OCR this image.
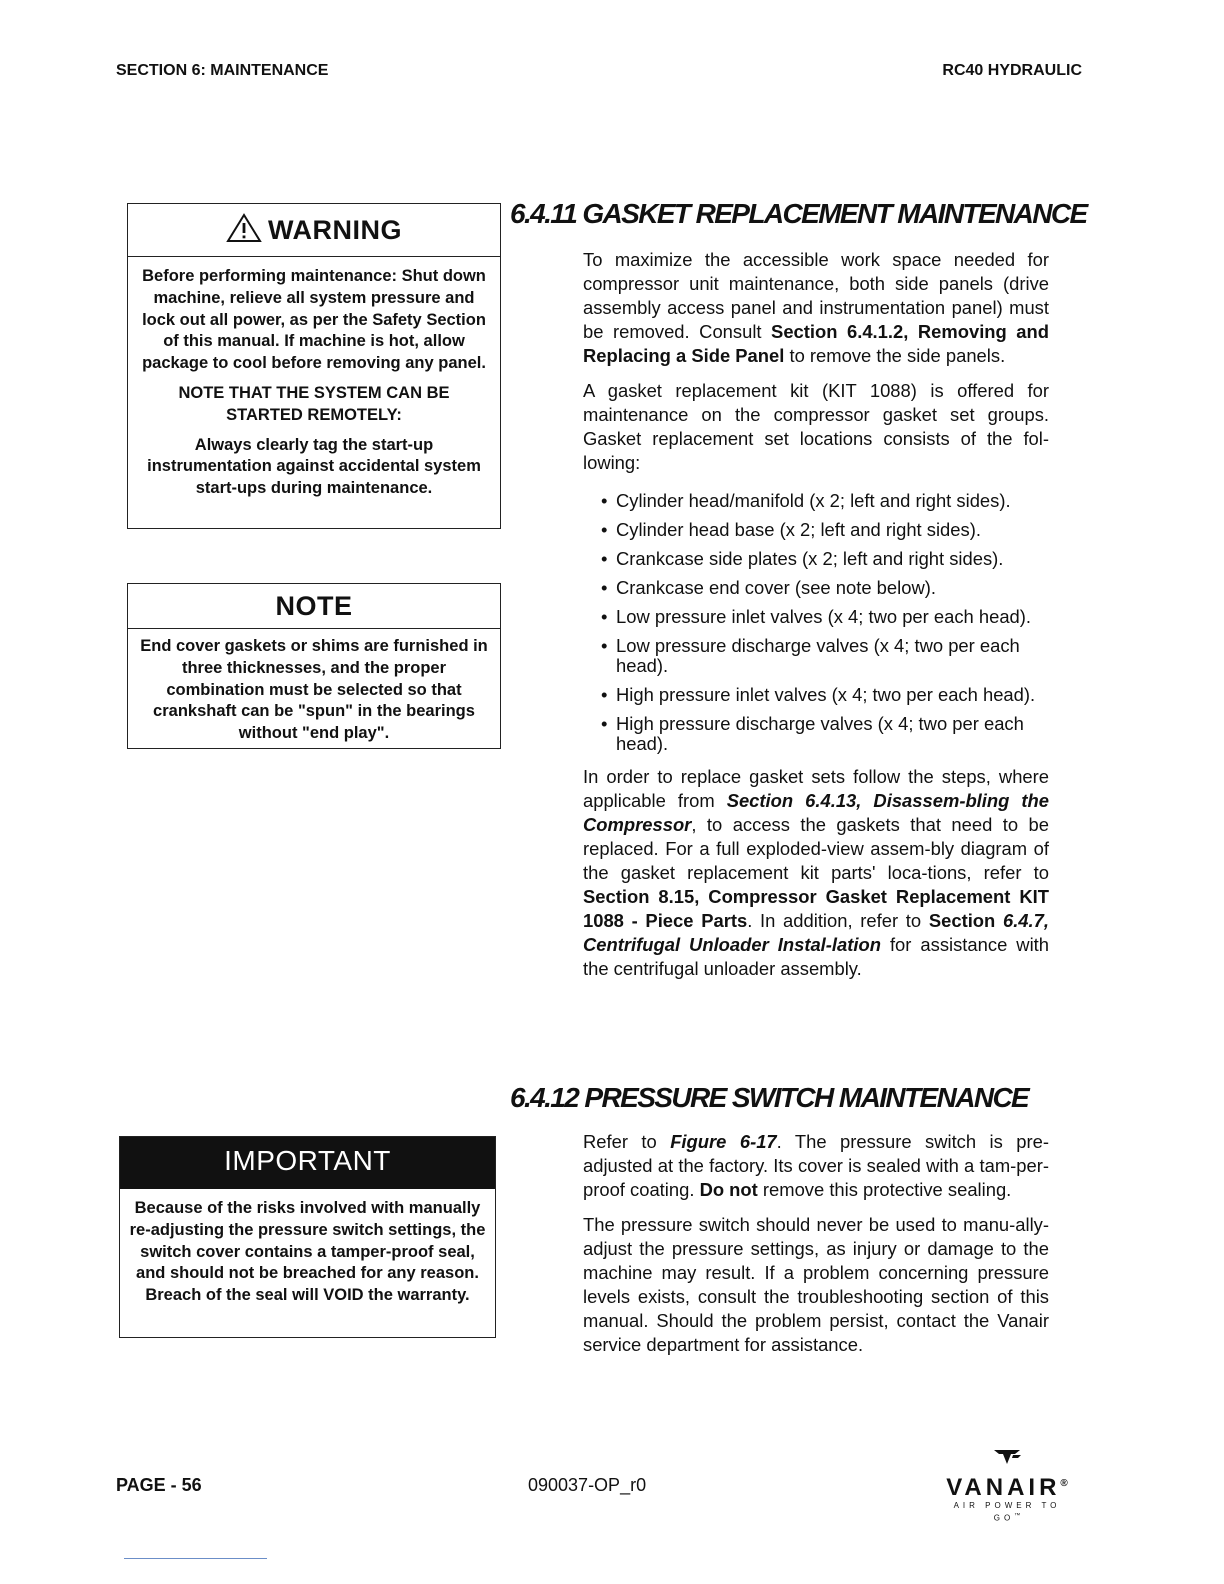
SECTION 6: MAINTENANCE	RC40 HYDRAULIC
WARNING

Before performing maintenance: Shut down machine, relieve all system pressure and lock out all power, as per the Safety Section of this manual. If machine is hot, allow package to cool before removing any panel.

NOTE THAT THE SYSTEM CAN BE STARTED REMOTELY:

Always clearly tag the start-up instrumentation against accidental system start-ups during maintenance.

NOTE

End cover gaskets or shims are furnished in three thicknesses, and the proper combination must be selected so that crankshaft can be "spun" in the bearings without "end play".

IMPORTANT

Because of the risks involved with manually re-adjusting the pressure switch settings, the switch cover contains a tamper-proof seal, and should not be breached for any reason. Breach of the seal will VOID the warranty.

6.4.11 GASKET REPLACEMENT MAINTENANCE

To maximize the accessible work space needed for compressor unit maintenance, both side panels (drive assembly access panel and instrumentation panel) must be removed. Consult Section 6.4.1.2, Removing and Replacing a Side Panel to remove the side panels.

A gasket replacement kit (KIT 1088) is offered for maintenance on the compressor gasket set groups. Gasket replacement set locations consists of the fol-lowing:

• Cylinder head/manifold (x 2; left and right sides).
• Cylinder head base (x 2; left and right sides).
• Crankcase side plates (x 2; left and right sides).
• Crankcase end cover (see note below).
• Low pressure inlet valves (x 4; two per each head).
• Low pressure discharge valves (x 4; two per each head).
• High pressure inlet valves (x 4; two per each head).
• High pressure discharge valves (x 4; two per each head).

In order to replace gasket sets follow the steps, where applicable from Section 6.4.13, Disassem-bling the Compressor, to access the gaskets that need to be replaced. For a full exploded-view assem-bly diagram of the gasket replacement kit parts' loca-tions, refer to Section 8.15, Compressor Gasket Replacement KIT 1088 - Piece Parts. In addition, refer to Section 6.4.7, Centrifugal Unloader Instal-lation for assistance with the centrifugal unloader assembly.

6.4.12 PRESSURE SWITCH MAINTENANCE

Refer to Figure 6-17. The pressure switch is pre-adjusted at the factory. Its cover is sealed with a tam-per-proof coating. Do not remove this protective sealing.

The pressure switch should never be used to manu-ally-adjust the pressure settings, as injury or damage to the machine may result. If a problem concerning pressure levels exists, consult the troubleshooting section of this manual. Should the problem persist, contact the Vanair service department for assistance.

PAGE - 56	090037-OP_r0	VANAIR®
AIR POWER TO GO™
